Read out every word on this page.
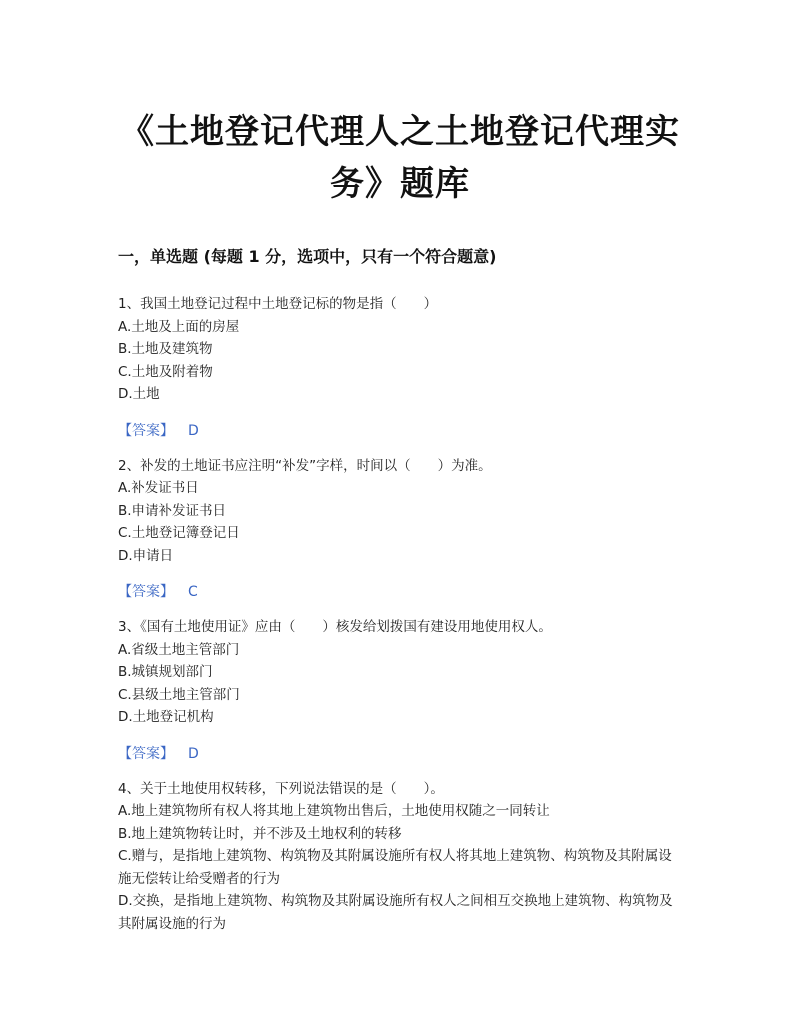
《土地登记代理人之土地登记代理实务》题库
一，单选题 (每题 1 分，选项中，只有一个符合题意)
1、我国土地登记过程中土地登记标的物是指（　　）
A.土地及上面的房屋
B.土地及建筑物
C.土地及附着物
D.土地
【答案】 D
2、补发的土地证书应注明“补发”字样，时间以（　　）为准。
A.补发证书日
B.申请补发证书日
C.土地登记簿登记日
D.申请日
【答案】 C
3、《国有土地使用证》应由（　　）核发给划拨国有建设用地使用权人。
A.省级土地主管部门
B.城镇规划部门
C.县级土地主管部门
D.土地登记机构
【答案】 D
4、关于土地使用权转移，下列说法错误的是（　　）。
A.地上建筑物所有权人将其地上建筑物出售后，土地使用权随之一同转让
B.地上建筑物转让时，并不涉及土地权利的转移
C.赠与，是指地上建筑物、构筑物及其附属设施所有权人将其地上建筑物、构筑物及其附属设施无偿转让给受赠者的行为
D.交换，是指地上建筑物、构筑物及其附属设施所有权人之间相互交换地上建筑物、构筑物及其附属设施的行为
